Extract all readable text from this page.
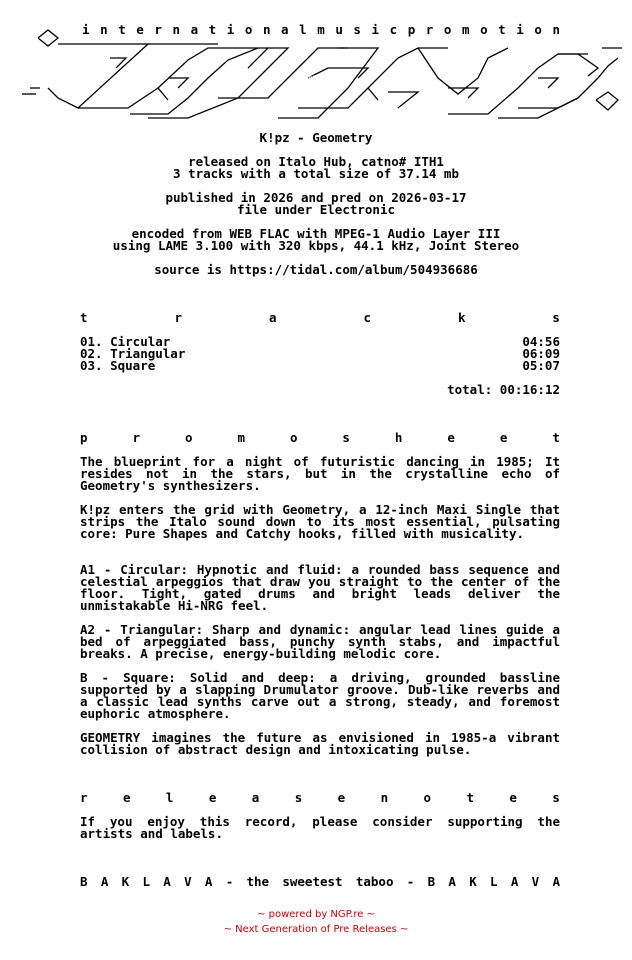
i n t e r n a t i o n a l m u s i c p r o m o t i o n
BAKLAVA
K!pz - Geometry
released on Italo Hub, catno# ITH1
3 tracks with a total size of 37.14 mb
published in 2026 and pred on 2026-03-17
file under Electronic
encoded from WEB FLAC with MPEG-1 Audio Layer III
using LAME 3.100 with 320 kbps, 44.1 kHz, Joint Stereo
source is https://tidal.com/album/504936686
t	r	a	c	k	s
01. Circular	04:56
02. Triangular	06:09
03. Square	05:07
total: 00:16:12
p	r	o	m	o	s	h	e	e	t
The blueprint for a night of futuristic dancing in 1985; It resides not in the stars, but in the crystalline echo of Geometry's synthesizers.
K!pz enters the grid with Geometry, a 12-inch Maxi Single that strips the Italo sound down to its most essential, pulsating core: Pure Shapes and Catchy hooks, filled with musicality.
A1 - Circular: Hypnotic and fluid: a rounded bass sequence and celestial arpeggios that draw you straight to the center of the floor. Tight, gated drums and bright leads deliver the unmistakable Hi-NRG feel.
A2 - Triangular: Sharp and dynamic: angular lead lines guide a bed of arpeggiated bass, punchy synth stabs, and impactful breaks. A precise, energy-building melodic core.
B - Square: Solid and deep: a driving, grounded bassline supported by a slapping Drumulator groove. Dub-like reverbs and a classic lead synths carve out a strong, steady, and foremost euphoric atmosphere.
GEOMETRY imagines the future as envisioned in 1985-a vibrant collision of abstract design and intoxicating pulse.
r	e	l	e	a	s	e	n	o	t	e	s
If you enjoy this record, please consider supporting the artists and labels.
B A K L A V A - the sweetest taboo - B A K L A V A
~ powered by NGP.re ~
~ Next Generation of Pre Releases ~
